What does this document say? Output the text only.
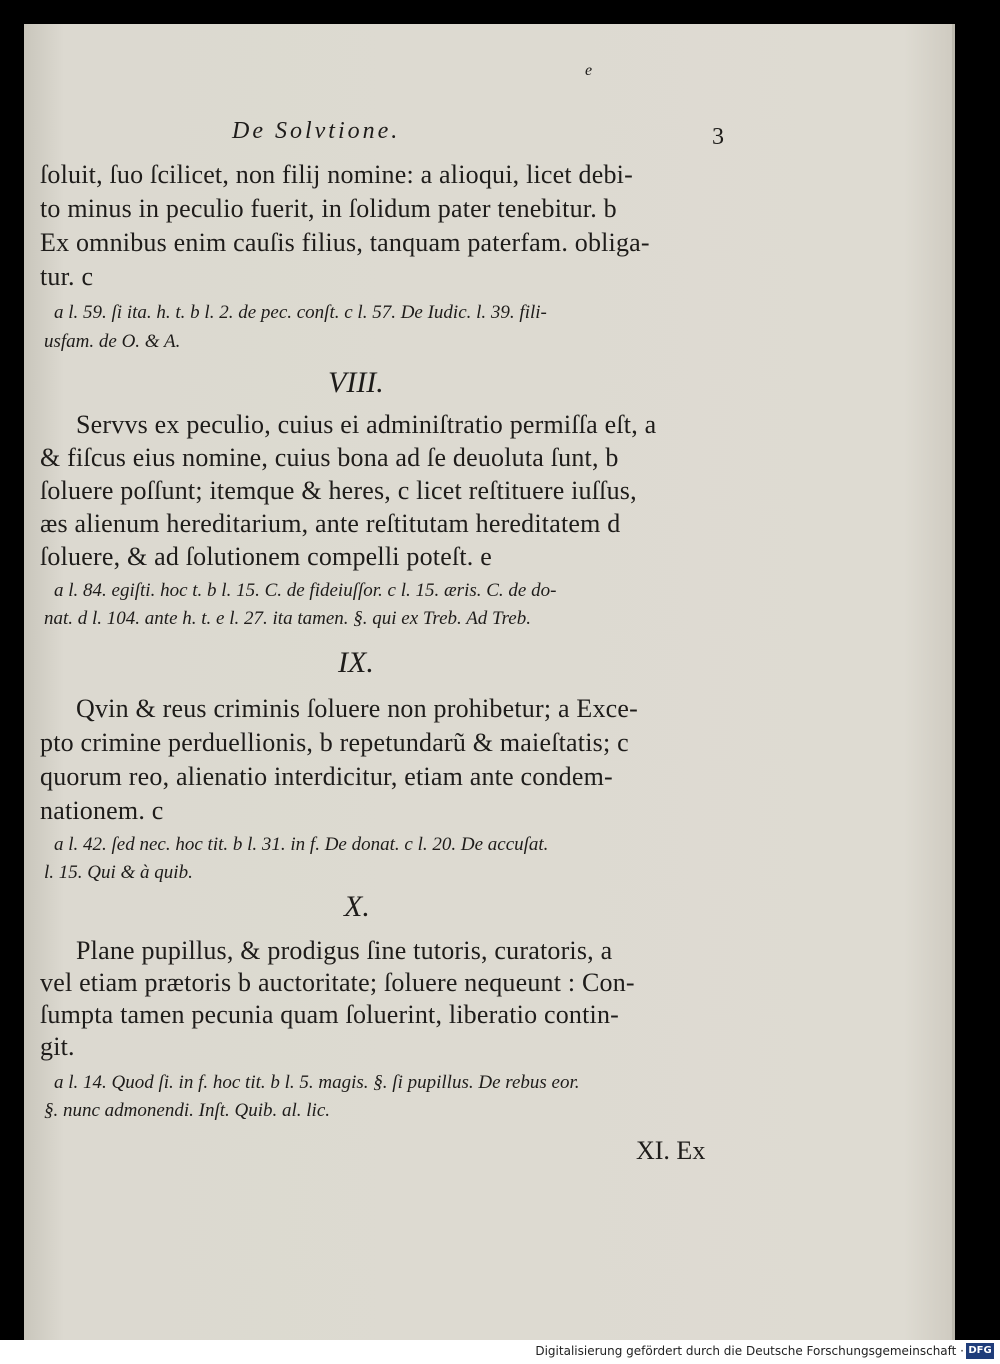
e
De Solvtione.	3
ſoluit, ſuo ſcilicet, non filij nomine: a alioqui, licet debi-
to minus in peculio fuerit, in ſolidum pater tenebitur. b
Ex omnibus enim cauſis filius, tanquam paterfam. obliga-
tur. c
a l. 59. ſi ita. h. t. b l. 2. de pec. conſt. c l. 57. De Iudic. l. 39. fili-
usfam. de O. & A.
VIII.
Servvs ex peculio, cuius ei adminiſtratio permiſſa eſt, a
& fiſcus eius nomine, cuius bona ad ſe deuoluta ſunt, b
ſoluere poſſunt; itemque & heres, c licet reſtituere iuſſus,
æs alienum hereditarium, ante reſtitutam hereditatem d
ſoluere, & ad ſolutionem compelli poteſt. e
a l. 84. egiſti. hoc t. b l. 15. C. de fideiuſſor. c l. 15. æris. C. de do-
nat. d l. 104. ante h. t. e l. 27. ita tamen. §. qui ex Treb. Ad Treb.
IX.
Qvin & reus criminis ſoluere non prohibetur; a Exce-
pto crimine perduellionis, b repetundarũ & maieſtatis; c
quorum reo, alienatio interdicitur, etiam ante condem-
nationem. c
a l. 42. ſed nec. hoc tit. b l. 31. in f. De donat. c l. 20. De accuſat.
l. 15. Qui & à quib.
X.
Plane pupillus, & prodigus ſine tutoris, curatoris, a
vel etiam prætoris b auctoritate; ſoluere nequeunt : Con-
ſumpta tamen pecunia quam ſoluerint, liberatio contin-
git.
a l. 14. Quod ſi. in f. hoc tit. b l. 5. magis. §. ſi pupillus. De rebus eor.
§. nunc admonendi. Inſt. Quib. al. lic.
XI. Ex
Digitalisierung gefördert durch die Deutsche Forschungsgemeinschaft · DFG
